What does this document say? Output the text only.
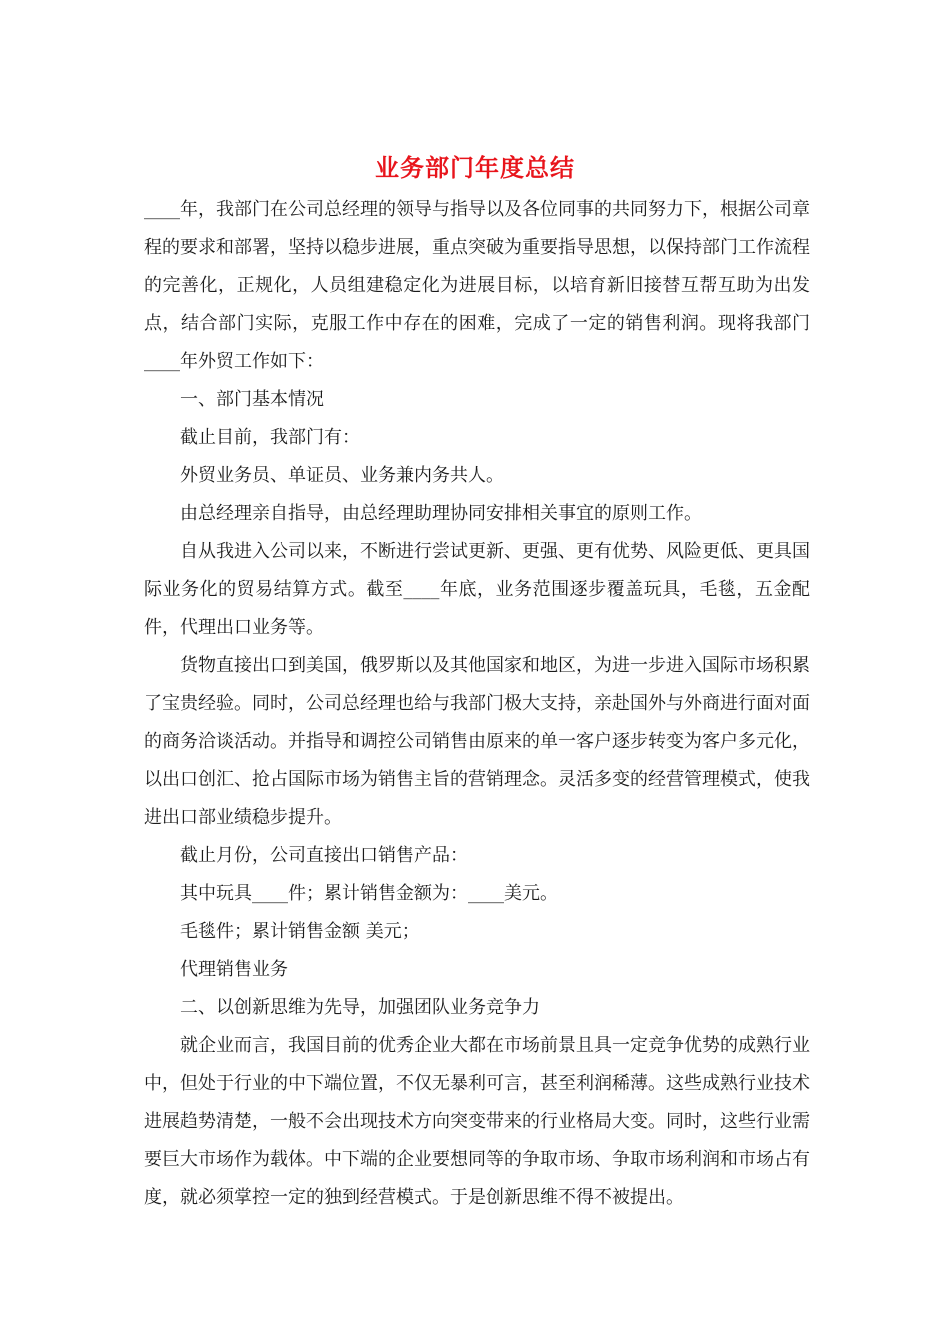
业务部门年度总结

____年，我部门在公司总经理的领导与指导以及各位同事的共同努力下，根据公司章程的要求和部署，坚持以稳步进展，重点突破为重要指导思想，以保持部门工作流程的完善化，正规化，人员组建稳定化为进展目标，以培育新旧接替互帮互助为出发点，结合部门实际，克服工作中存在的困难，完成了一定的销售利润。现将我部门____年外贸工作如下：

一、部门基本情况

截止目前，我部门有：

外贸业务员、单证员、业务兼内务共人。

由总经理亲自指导，由总经理助理协同安排相关事宜的原则工作。

自从我进入公司以来，不断进行尝试更新、更强、更有优势、风险更低、更具国际业务化的贸易结算方式。截至____年底，业务范围逐步覆盖玩具，毛毯，五金配件，代理出口业务等。

货物直接出口到美国，俄罗斯以及其他国家和地区，为进一步进入国际市场积累了宝贵经验。同时，公司总经理也给与我部门极大支持，亲赴国外与外商进行面对面的商务洽谈活动。并指导和调控公司销售由原来的单一客户逐步转变为客户多元化，以出口创汇、抢占国际市场为销售主旨的营销理念。灵活多变的经营管理模式，使我进出口部业绩稳步提升。

截止月份，公司直接出口销售产品：

其中玩具____件；累计销售金额为：____美元。

毛毯件；累计销售金额 美元；

代理销售业务

二、以创新思维为先导，加强团队业务竞争力

就企业而言，我国目前的优秀企业大都在市场前景且具一定竞争优势的成熟行业中，但处于行业的中下端位置，不仅无暴利可言，甚至利润稀薄。这些成熟行业技术进展趋势清楚，一般不会出现技术方向突变带来的行业格局大变。同时，这些行业需要巨大市场作为载体。中下端的企业要想同等的争取市场、争取市场利润和市场占有度，就必须掌控一定的独到经营模式。于是创新思维不得不被提出。
